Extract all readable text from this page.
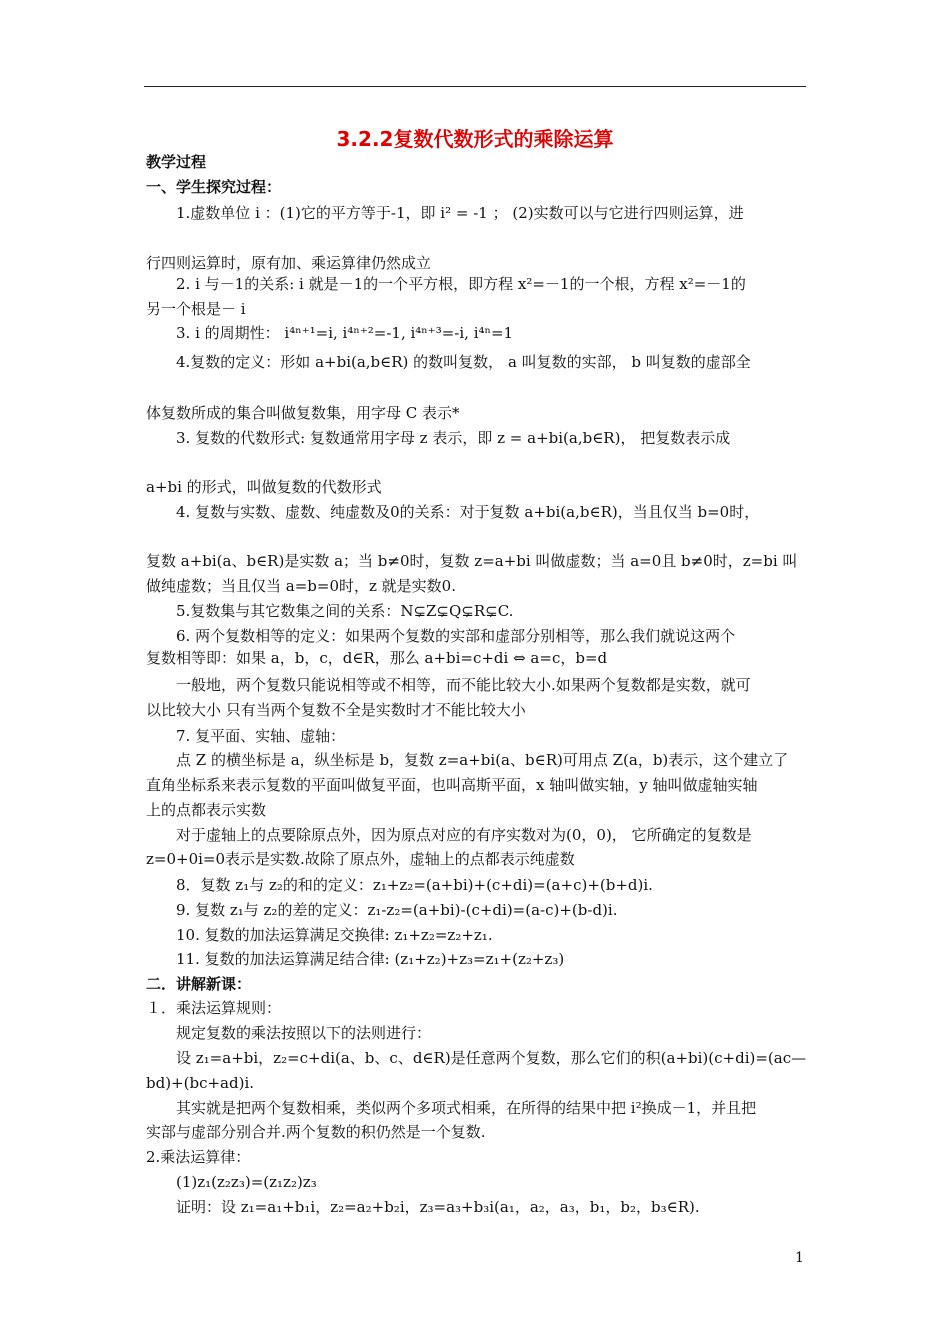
3.2.2复数代数形式的乘除运算
教学过程
一、学生探究过程：
1.虚数单位 i ：(1)它的平方等于-1，即 i² = -1 ； (2)实数可以与它进行四则运算，进
行四则运算时，原有加、乘运算律仍然成立
2. i 与－1的关系: i 就是－1的一个平方根，即方程 x²=－1的一个根，方程 x²=－1的
另一个根是－ i
3. i 的周期性： i⁴ⁿ⁺¹=i, i⁴ⁿ⁺²=-1, i⁴ⁿ⁺³=-i, i⁴ⁿ=1
4.复数的定义：形如 a+bi(a,b∈R) 的数叫复数， a 叫复数的实部， b 叫复数的虚部全
体复数所成的集合叫做复数集，用字母 C 表示*
3. 复数的代数形式: 复数通常用字母 z 表示，即 z = a+bi(a,b∈R)， 把复数表示成
a+bi 的形式，叫做复数的代数形式
4. 复数与实数、虚数、纯虚数及0的关系：对于复数 a+bi(a,b∈R)，当且仅当 b=0时，
复数 a+bi(a、b∈R)是实数 a；当 b≠0时，复数 z=a+bi 叫做虚数；当 a=0且 b≠0时，z=bi 叫
做纯虚数；当且仅当 a=b=0时，z 就是实数0.
5.复数集与其它数集之间的关系：N⊊Z⊊Q⊊R⊊C.
6. 两个复数相等的定义：如果两个复数的实部和虚部分别相等，那么我们就说这两个
复数相等即：如果 a，b，c，d∈R，那么 a+bi=c+di ⇔ a=c，b=d
一般地，两个复数只能说相等或不相等，而不能比较大小.如果两个复数都是实数，就可
以比较大小 只有当两个复数不全是实数时才不能比较大小
7. 复平面、实轴、虚轴：
点 Z 的横坐标是 a，纵坐标是 b，复数 z=a+bi(a、b∈R)可用点 Z(a，b)表示，这个建立了
直角坐标系来表示复数的平面叫做复平面，也叫高斯平面，x 轴叫做实轴，y 轴叫做虚轴实轴
上的点都表示实数
对于虚轴上的点要除原点外，因为原点对应的有序实数对为(0，0)， 它所确定的复数是
z=0+0i=0表示是实数.故除了原点外，虚轴上的点都表示纯虚数
8．复数 z₁与 z₂的和的定义：z₁+z₂=(a+bi)+(c+di)=(a+c)+(b+d)i.
9. 复数 z₁与 z₂的差的定义：z₁-z₂=(a+bi)-(c+di)=(a-c)+(b-d)i.
10. 复数的加法运算满足交换律: z₁+z₂=z₂+z₁.
11. 复数的加法运算满足结合律: (z₁+z₂)+z₃=z₁+(z₂+z₃)
二．讲解新课：
１．乘法运算规则：
规定复数的乘法按照以下的法则进行：
设 z₁=a+bi，z₂=c+di(a、b、c、d∈R)是任意两个复数，那么它们的积(a+bi)(c+di)=(ac—
bd)+(bc+ad)i.
其实就是把两个复数相乘，类似两个多项式相乘，在所得的结果中把 i²换成－1，并且把
实部与虚部分别合并.两个复数的积仍然是一个复数.
2.乘法运算律：
(1)z₁(z₂z₃)=(z₁z₂)z₃
证明：设 z₁=a₁+b₁i，z₂=a₂+b₂i，z₃=a₃+b₃i(a₁，a₂，a₃，b₁，b₂，b₃∈R).
1
